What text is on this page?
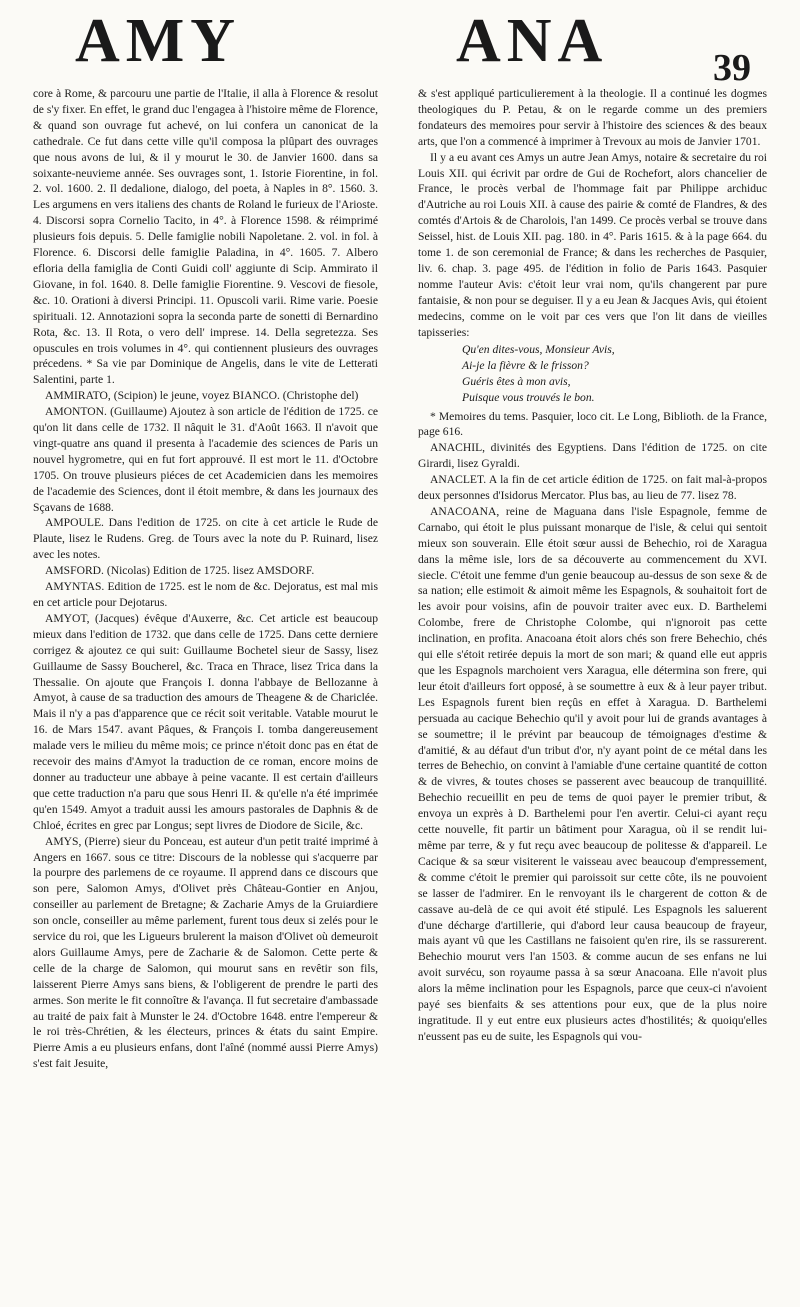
AMY	ANA	39

core à Rome, & parcouru une partie de l'Italie, il alla à Florence & resolut de s'y fixer. En effet, le grand duc l'engagea à l'histoire même de Florence, & quand son ouvrage fut achevé, on lui confera un canonicat de la cathedrale. Ce fut dans cette ville qu'il composa la plûpart des ouvrages que nous avons de lui, & il y mourut le 30. de Janvier 1600. dans sa soixante-neuvieme année. Ses ouvrages sont, 1. Istorie Fiorentine, in fol. 2. vol. 1600. 2. Il dedalione, dialogo, del poeta, à Naples in 8°. 1560. 3. Les argumens en vers italiens des chants de Roland le furieux de l'Arioste. 4. Discorsi sopra Cornelio Tacito, in 4°. à Florence 1598. & réimprimé plusieurs fois depuis. 5. Delle famiglie nobili Napoletane. 2. vol. in fol. à Florence. 6. Discorsi delle famiglie Paladina, in 4°. 1605. 7. Albero efloria della famiglia de Conti Guidi coll' aggiunte di Scip. Ammirato il Giovane, in fol. 1640. 8. Delle famiglie Fiorentine. 9. Vescovi de fiesole, &c. 10. Orationi à diversi Principi. 11. Opuscoli varii. Rime varie. Poesie spirituali. 12. Annotazioni sopra la seconda parte de sonetti di Bernardino Rota, &c. 13. Il Rota, o vero dell' imprese. 14. Della segretezza. Ses opuscules en trois volumes in 4°. qui contiennent plusieurs des ouvrages précedens. * Sa vie par Dominique de Angelis, dans le vite de Letterati Salentini, parte 1.

AMMIRATO, (Scipion) le jeune, voyez BIANCO. (Christophe del)

AMONTON. (Guillaume) Ajoutez à son article de l'édition de 1725. ce qu'on lit dans celle de 1732. Il nâquit le 31. d'Août 1663. Il n'avoit que vingt-quatre ans quand il presenta à l'academie des sciences de Paris un nouvel hygrometre, qui en fut fort approuvé. Il est mort le 11. d'Octobre 1705. On trouve plusieurs piéces de cet Academicien dans les memoires de l'academie des Sciences, dont il étoit membre, & dans les journaux des Sçavans de 1688.

AMPOULE. Dans l'edition de 1725. on cite à cet article le Rude de Plaute, lisez le Rudens. Greg. de Tours avec la note du P. Ruinard, lisez avec les notes.

AMSFORD. (Nicolas) Edition de 1725. lisez AMSDORF.

AMYNTAS. Edition de 1725. est le nom de &c. Dejoratus, est mal mis en cet article pour Dejotarus.

AMYOT, (Jacques) évêque d'Auxerre, &c. Cet article est beaucoup mieux dans l'edition de 1732. que dans celle de 1725. Dans cette derniere corrigez & ajoutez ce qui suit: Guillaume Bochetel sieur de Sassy, lisez Guillaume de Sassy Boucherel, &c. Traca en Thrace, lisez Trica dans la Thessalie. On ajoute que François I. donna l'abbaye de Bellozanne à Amyot, à cause de sa traduction des amours de Theagene & de Chariclée. Mais il n'y a pas d'apparence que ce récit soit veritable. Vatable mourut le 16. de Mars 1547. avant Pâques, & François I. tomba dangereusement malade vers le milieu du même mois; ce prince n'étoit donc pas en état de recevoir des mains d'Amyot la traduction de ce roman, encore moins de donner au traducteur une abbaye à peine vacante. Il est certain d'ailleurs que cette traduction n'a paru que sous Henri II. & qu'elle n'a été imprimée qu'en 1549. Amyot a traduit aussi les amours pastorales de Daphnis & de Chloé, écrites en grec par Longus; sept livres de Diodore de Sicile, &c.

AMYS, (Pierre) sieur du Ponceau, est auteur d'un petit traité imprimé à Angers en 1667. sous ce titre: Discours de la noblesse qui s'acquerre par la pourpre des parlemens de ce royaume. Il apprend dans ce discours que son pere, Salomon Amys, d'Olivet près Château-Gontier en Anjou, conseiller au parlement de Bretagne; & Zacharie Amys de la Gruiardiere son oncle, conseiller au même parlement, furent tous deux si zelés pour le service du roi, que les Ligueurs brulerent la maison d'Olivet où demeuroit alors Guillaume Amys, pere de Zacharie & de Salomon. Cette perte & celle de la charge de Salomon, qui mourut sans en revêtir son fils, laisserent Pierre Amys sans biens, & l'obligerent de prendre le parti des armes. Son merite le fit connoître & l'avança. Il fut secretaire d'ambassade au traité de paix fait à Munster le 24. d'Octobre 1648. entre l'empereur & le roi très-Chrétien, & les électeurs, princes & états du saint Empire. Pierre Amis a eu plusieurs enfans, dont l'aîné (nommé aussi Pierre Amys) s'est fait Jesuite,

& s'est appliqué particulierement à la theologie. Il a continué les dogmes theologiques du P. Petau, & on le regarde comme un des premiers fondateurs des memoires pour servir à l'histoire des sciences & des beaux arts, que l'on a commencé à imprimer à Trevoux au mois de Janvier 1701.

Il y a eu avant ces Amys un autre Jean Amys, notaire & secretaire du roi Louis XII. qui écrivit par ordre de Gui de Rochefort, alors chancelier de France, le procès verbal de l'hommage fait par Philippe archiduc d'Autriche au roi Louis XII. à cause des pairie & comté de Flandres, & des comtés d'Artois & de Charolois, l'an 1499. Ce procès verbal se trouve dans Seissel, hist. de Louis XII. pag. 180. in 4°. Paris 1615. & à la page 664. du tome 1. de son ceremonial de France; & dans les recherches de Pasquier, liv. 6. chap. 3. page 495. de l'édition in folio de Paris 1643. Pasquier nomme l'auteur Avis: c'étoit leur vrai nom, qu'ils changerent par pure fantaisie, & non pour se deguiser. Il y a eu Jean & Jacques Avis, qui étoient medecins, comme on le voit par ces vers que l'on lit dans de vieilles tapisseries:

Qu'en dites-vous, Monsieur Avis,
Ai-je la fièvre & le frisson?
Guéris êtes à mon avis,
Puisque vous trouvés le bon.

* Memoires du tems. Pasquier, loco cit. Le Long, Biblioth. de la France, page 616.

ANACHIL, divinités des Egyptiens. Dans l'édition de 1725. on cite Girardi, lisez Gyraldi.

ANACLET. A la fin de cet article édition de 1725. on fait mal-à-propos deux personnes d'Isidorus Mercator. Plus bas, au lieu de 77. lisez 78.

ANACOANA, reine de Maguana dans l'isle Espagnole, femme de Carnabo, qui étoit le plus puissant monarque de l'isle, & celui qui sentoit mieux son souverain. Elle étoit sœur aussi de Behechio, roi de Xaragua dans la même isle, lors de sa découverte au commencement du XVI. siecle. C'étoit une femme d'un genie beaucoup au-dessus de son sexe & de sa nation; elle estimoit & aimoit même les Espagnols, & souhaitoit fort de les avoir pour voisins, afin de pouvoir traiter avec eux. D. Barthelemi Colombe, frere de Christophe Colombe, qui n'ignoroit pas cette inclination, en profita. Anacoana étoit alors chés son frere Behechio, chés qui elle s'étoit retirée depuis la mort de son mari; & quand elle eut appris que les Espagnols marchoient vers Xaragua, elle détermina son frere, qui leur étoit d'ailleurs fort opposé, à se soumettre à eux & à leur payer tribut. Les Espagnols furent bien reçûs en effet à Xaragua. D. Barthelemi persuada au cacique Behechio qu'il y avoit pour lui de grands avantages à se soumettre; il le prévint par beaucoup de témoignages d'estime & d'amitié, & au défaut d'un tribut d'or, n'y ayant point de ce métal dans les terres de Behechio, on convint à l'amiable d'une certaine quantité de cotton & de vivres, & toutes choses se passerent avec beaucoup de tranquillité. Behechio recueillit en peu de tems de quoi payer le premier tribut, & envoya un exprès à D. Barthelemi pour l'en avertir. Celui-ci ayant reçu cette nouvelle, fit partir un bâtiment pour Xaragua, où il se rendit lui-même par terre, & y fut reçu avec beaucoup de politesse & d'appareil. Le Cacique & sa sœur visiterent le vaisseau avec beaucoup d'empressement, & comme c'étoit le premier qui paroissoit sur cette côte, ils ne pouvoient se lasser de l'admirer. En le renvoyant ils le chargerent de cotton & de cassave au-delà de ce qui avoit été stipulé. Les Espagnols les saluerent d'une décharge d'artillerie, qui d'abord leur causa beaucoup de frayeur, mais ayant vû que les Castillans ne faisoient qu'en rire, ils se rassurerent. Behechio mourut vers l'an 1503. & comme aucun de ses enfans ne lui avoit survécu, son royaume passa à sa sœur Anacoana. Elle n'avoit plus alors la même inclination pour les Espagnols, parce que ceux-ci n'avoient payé ses bienfaits & ses attentions pour eux, que de la plus noire ingratitude. Il y eut entre eux plusieurs actes d'hostilités; & quoiqu'elles n'eussent pas eu de suite, les Espagnols qui vou-
